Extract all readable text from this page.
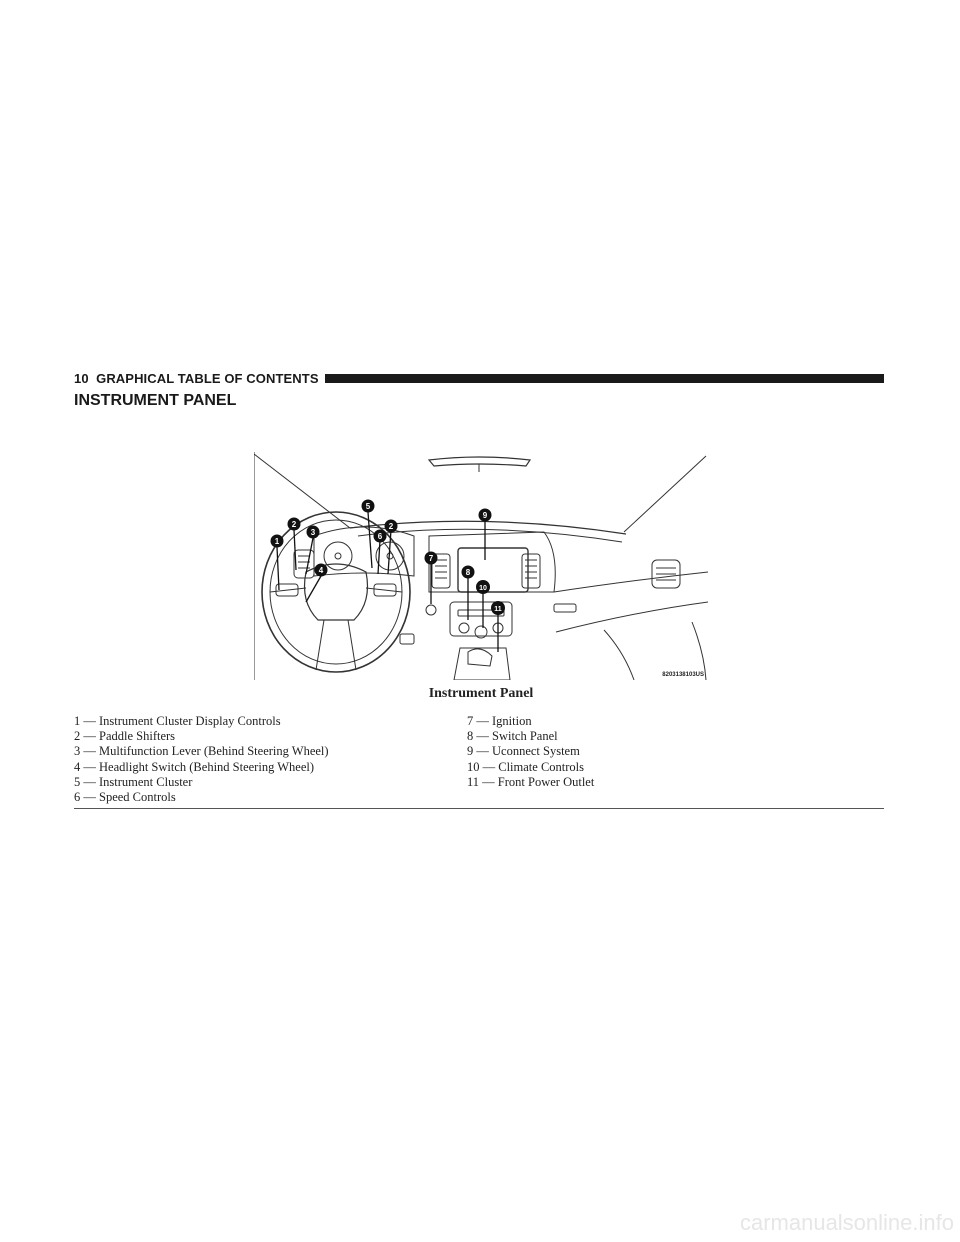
10
GRAPHICAL TABLE OF CONTENTS
INSTRUMENT PANEL
1
2
3
4
5
6
2
7
8
9
10
11
8203138103US
Instrument Panel
1 — Instrument Cluster Display Controls
2 — Paddle Shifters
3 — Multifunction Lever (Behind Steering Wheel)
4 — Headlight Switch (Behind Steering Wheel)
5 — Instrument Cluster
6 — Speed Controls
7 — Ignition
8 — Switch Panel
9 — Uconnect System
10 — Climate Controls
11 — Front Power Outlet
carmanualsonline.info
